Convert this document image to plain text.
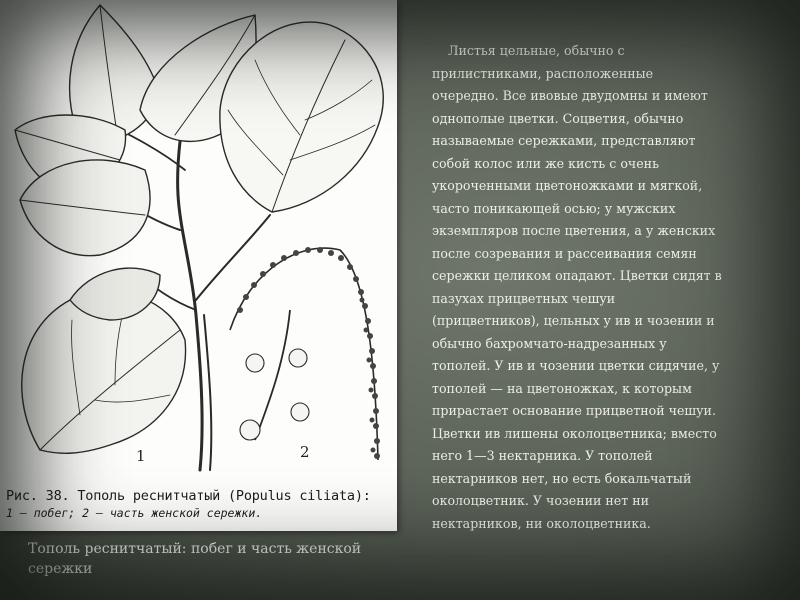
1	2
Рис. 38. Тополь реснитчатый (Populus ciliata):
1 — побег; 2 — часть женской сережки.
Листья цельные, обычно с
прилистниками, расположенные
очередно. Все ивовые двудомны и имеют
однополые цветки. Соцветия, обычно
называемые сережками, представляют
собой колос или же кисть с очень
укороченными цветоножками и мягкой,
часто поникающей осью; у мужских
экземпляров после цветения, а у женских
после созревания и рассеивания семян
сережки целиком опадают. Цветки сидят в
пазухах прицветных чешуи
(прицветников), цельных у ив и чозении и
обычно бахромчато-надрезанных у
тополей. У ив и чозении цветки сидячие, у
тополей — на цветоножках, к которым
прирастает основание прицветной чешуи.
Цветки ив лишены околоцветника; вместо
него 1—3 нектарника. У тополей
нектарников нет, но есть бокальчатый
околоцветник. У чозении нет ни
нектарников, ни околоцветника.
Тополь реснитчатый: побег и часть женской
сережки
